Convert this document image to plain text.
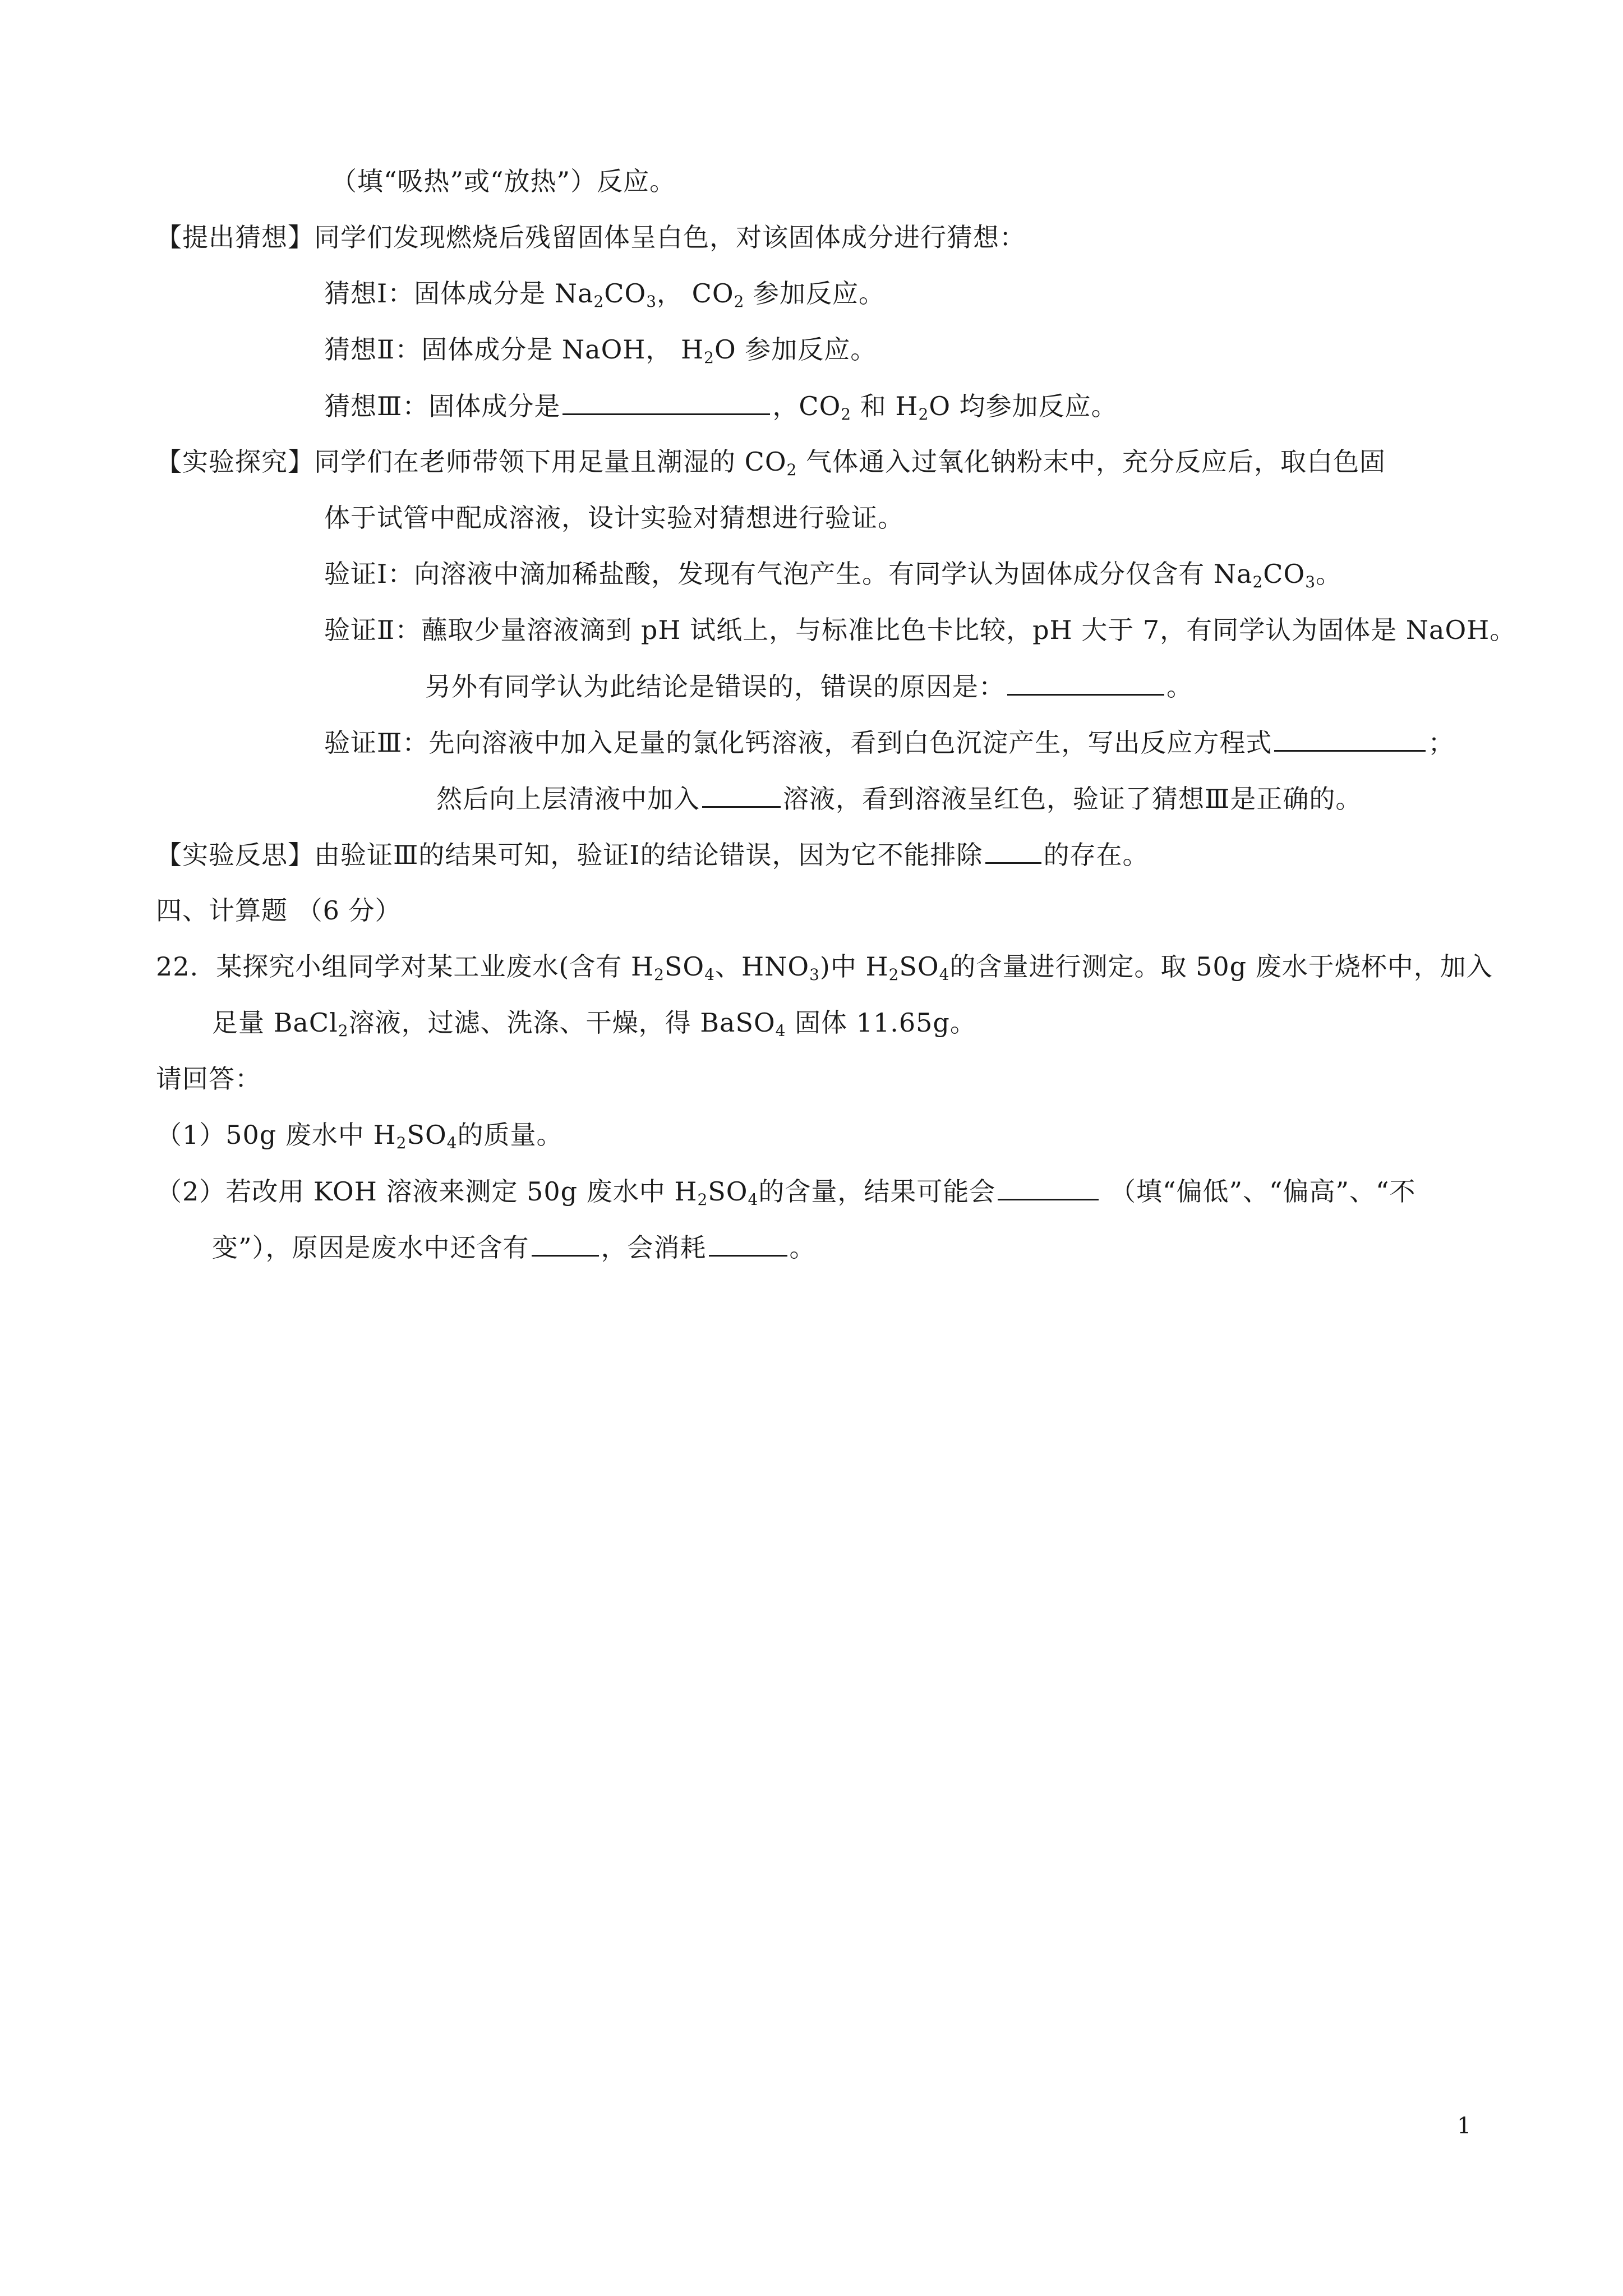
（填“吸热”或“放热”）反应。
【提出猜想】同学们发现燃烧后残留固体呈白色，对该固体成分进行猜想：
猜想Ⅰ：固体成分是 $Na_2CO_3$， $CO_2$ 参加反应。
猜想Ⅱ：固体成分是 NaOH， $H_2O$ 参加反应。
猜想Ⅲ：固体成分是	，$CO_2$ 和 $H_2O$ 均参加反应。
【实验探究】同学们在老师带领下用足量且潮湿的 $CO_2$ 气体通入过氧化钠粉末中，充分反应后，取白色固
体于试管中配成溶液，设计实验对猜想进行验证。
验证Ⅰ：向溶液中滴加稀盐酸，发现有气泡产生。有同学认为固体成分仅含有 $Na_2CO_3$。
验证Ⅱ：蘸取少量溶液滴到 pH 试纸上，与标准比色卡比较，pH 大于 7，有同学认为固体是 NaOH。
另外有同学认为此结论是错误的，错误的原因是：	。
验证Ⅲ：先向溶液中加入足量的氯化钙溶液，看到白色沉淀产生，写出反应方程式	；
然后向上层清液中加入	溶液，看到溶液呈红色，验证了猜想Ⅲ是正确的。
【实验反思】由验证Ⅲ的结果可知，验证Ⅰ的结论错误，因为它不能排除 的存在。
四、计算题 （6 分）
22. 某探究小组同学对某工业废水(含有 $H_2SO_4$、$HNO_3$)中 $H_2SO_4$的含量进行测定。取 50g 废水于烧杯中，加入
足量 BaCl$_2$溶液，过滤、洗涤、干燥，得 BaSO$_4$ 固体 11.65g。
请回答：
（1）50g 废水中 $H_2SO_4$的质量。
（2）若改用 KOH 溶液来测定 50g 废水中 $H_2SO_4$的含量，结果可能会	（填“偏低”、“偏高”、“不
变”），原因是废水中还含有	，会消耗	。
1
